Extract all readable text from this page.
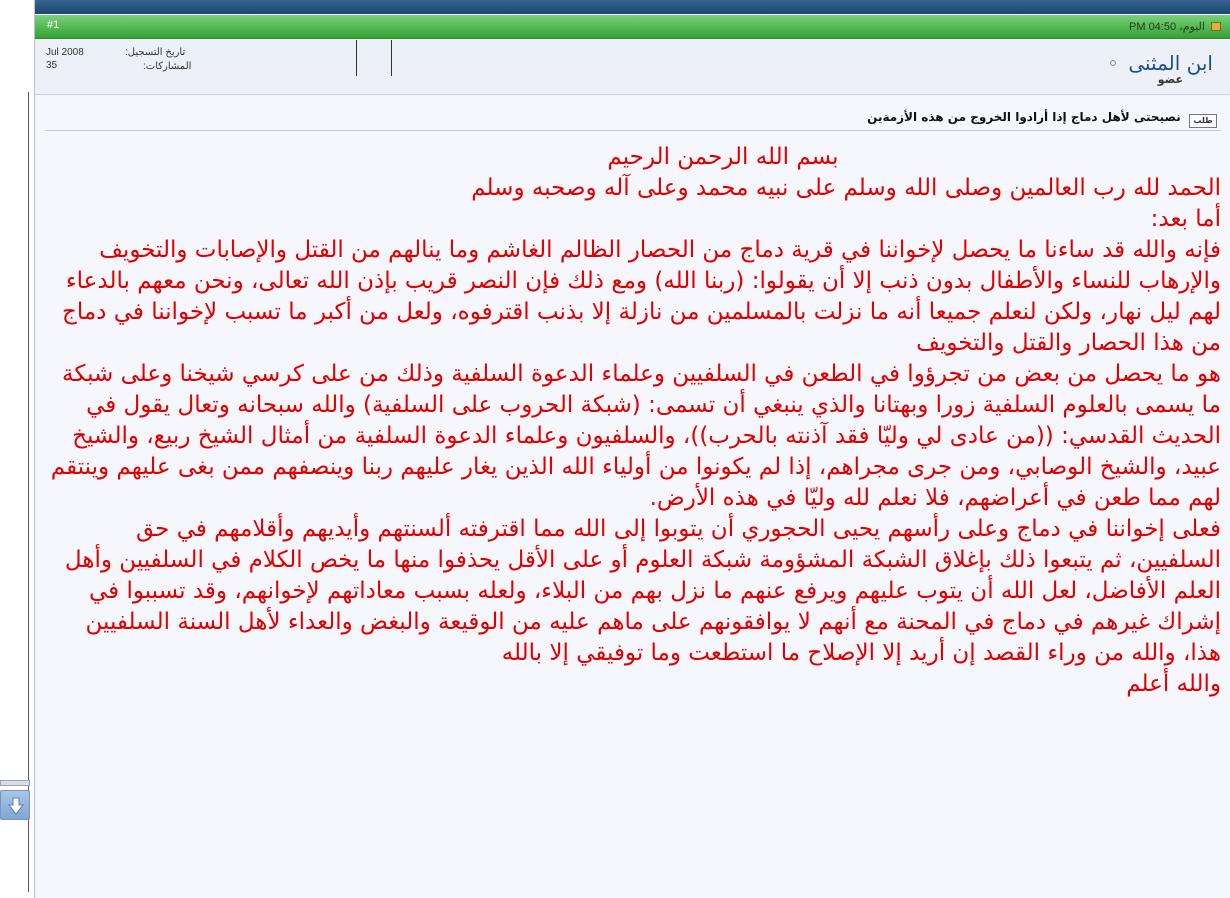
#1	اليوم، 04:50 PM
تاريخ التسجيل:
Jul 2008
المشاركات:
35	ابن المثنى
عضو
طلب نصيحتى لأهل دماج إذا أرادوا الخروج من هذه الأزمةين

بسم الله الرحمن الرحيم

الحمد لله رب العالمين وصلى الله وسلم على نبيه محمد وعلى آله وصحبه وسلم

أما بعد:

فإنه والله قد ساءنا ما يحصل لإخواننا في قرية دماج من الحصار الظالم الغاشم وما ينالهم من القتل والإصابات والتخويف والإرهاب للنساء والأطفال بدون ذنب إلا أن يقولوا: (ربنا الله) ومع ذلك فإن النصر قريب بإذن الله تعالى، ونحن معهم بالدعاء لهم ليل نهار، ولكن لنعلم جميعا أنه ما نزلت بالمسلمين من نازلة إلا بذنب اقترفوه، ولعل من أكبر ما تسبب لإخواننا في دماج من هذا الحصار والقتل والتخويف

هو ما يحصل من بعض من تجرؤوا في الطعن في السلفيين وعلماء الدعوة السلفية وذلك من على كرسي شيخنا وعلى شبكة ما يسمى بالعلوم السلفية زورا وبهتانا والذي ينبغي أن تسمى: (شبكة الحروب على السلفية) والله سبحانه وتعال يقول في الحديث القدسي: ((من عادى لي وليّا فقد آذنته بالحرب))، والسلفيون وعلماء الدعوة السلفية من أمثال الشيخ ربيع، والشيخ عبيد، والشيخ الوصابي، ومن جرى مجراهم، إذا لم يكونوا من أولياء الله الذين يغار عليهم ربنا وينصفهم ممن بغى عليهم وينتقم لهم مما طعن في أعراضهم، فلا نعلم لله وليّا في هذه الأرض.

فعلى إخواننا في دماج وعلى رأسهم يحيى الحجوري أن يتوبوا إلى الله مما اقترفته ألسنتهم وأيديهم وأقلامهم في حق السلفيين، ثم يتبعوا ذلك بإغلاق الشبكة المشؤومة شبكة العلوم أو على الأقل يحذفوا منها ما يخص الكلام في السلفيين وأهل العلم الأفاضل، لعل الله أن يتوب عليهم ويرفع عنهم ما نزل بهم من البلاء، ولعله بسبب معاداتهم لإخوانهم، وقد تسببوا في إشراك غيرهم في دماج في المحنة مع أنهم لا يوافقونهم على ماهم عليه من الوقيعة والبغض والعداء لأهل السنة السلفيين

هذا، والله من وراء القصد إن أريد إلا الإصلاح ما استطعت وما توفيقي إلا بالله

والله أعلم
